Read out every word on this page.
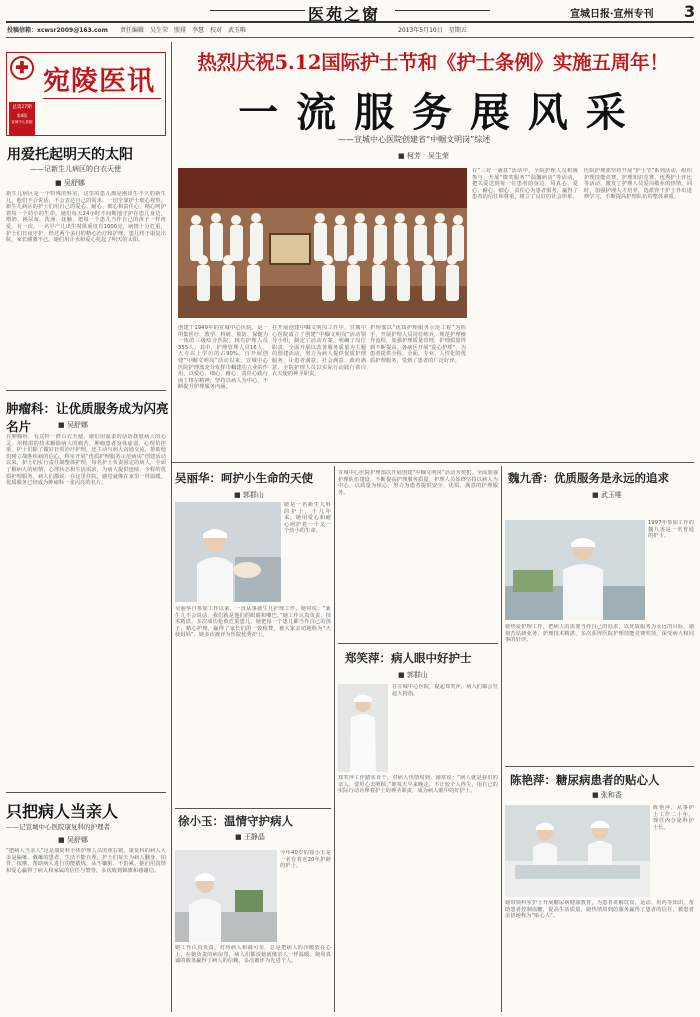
医苑之窗	3
宣城日报·宣州专刊
投稿信箱：xcwsr2009@163.com 责任编辑　吴生荣　照排　李慧　校对　武玉唯	2013年5月10日　星期五
✚
总第27期
第4版
宣城中心医院
宛陵医讯
用爱托起明天的太阳
——记新生儿病区的白衣天使
■ 吴舒娜
新生儿病区是一个特殊的科室，这里的患儿都是刚出生不久的新生儿，他们不会说话，不会表达自己的需求，一切全靠护士细心观察。新生儿病区的护士们用自己的爱心、耐心、细心和责任心，精心呵护着每一个幼小的生命。她们每天24小时不间断地守护在患儿身边，喂奶、换尿布、洗澡、抚触，把每一个患儿当作自己的孩子一样疼爱。有一次，一名早产儿出生时体重仅有1000克，病情十分危重，护士们日夜守护，经过两个多月的精心治疗和护理，患儿终于康复出院，家长感激不已。她们用汗水和爱心托起了明天的太阳。
肿瘤科：让优质服务成为闪亮名片	■ 吴舒娜
在肿瘤科，有这样一群白衣天使，她们用温柔的话语抚慰病人的心灵，用精湛的技术解除病人的痛苦。肿瘤患者身体虚弱，心理负担重，护士们除了做好日常治疗护理，还主动与病人沟通交流，帮助他们树立战胜疾病的信心。科室开展“优质护理服务示范病房”创建活动以来，护士们实行责任制整体护理，每名护士负责固定的病人，全面了解病人的病情、心理状态和生活需求，为病人提供连续、全程的优质护理服务。病人们都说：在这里住院，感觉就像在家里一样温暖。优质服务已经成为肿瘤科一张闪亮的名片。
只把病人当亲人
——记宣城中心医院康复科的护理者
■ 吴舒娜
“把病人当亲人”这是康复科全体护理人员的座右铭。康复科的病人大多是偏瘫、截瘫的患者，生活不能自理，护士们每天为病人翻身、拍背、按摩，帮助病人进行功能锻炼，从不嫌脏、不怕累。她们用真情和爱心赢得了病人和家属的信任与赞誉，多次收到锦旗和感谢信。
热烈庆祝5.12国际护士节和《护士条例》实施五周年！
一 流 服 务 展 风 采
——宣城中心医院创建省“中帼文明岗”综述
■ 柯芳　吴生荣
创建于1949年的宣城中心医院，是一所集医疗、教学、科研、预防、保健为一体的三级综合医院。现有护理人员355人，其中，护理管理人员16人，大专以上学历的占90%。自开展创建“中帼文明岗”活动以来，宣城中心医院护理部充分发挥巾帼建功立业的作用，以爱心、细心、耐心、责任心践行南丁格尔精神，坚持以病人为中心，不断提升护理服务内涵。
在开展创建中帼文明岗工作中，宣城中心医院成立了创建“中帼文明岗”活动领导小组，制定了活动方案，明确了岗位职责，全面开展以改善服务质量为主题的创建活动，努力为病人提供优质护理服务，让患者满意、社会满意、政府满意。全院护理人员以实际行动践行着白衣天使的神圣职责。
护理部以“优质护理服务示范工程”为抓手，开展护理人员岗位练兵，规范护理操作流程，加强护理质量管理，护理质量得到不断提高。各病区开展“爱心护理”，为患者提供全程、全面、专业、人性化的优质护理服务，受到了患者的广泛好评。
在“三好一满意”活动中，全院护理人员积极参与，开展“微笑服务”“温馨病房”等活动，把关爱送到每一位患者的身边，用真心、爱心、耐心、细心、责任心为患者服务，赢得了患者的信任和尊重，树立了良好的社会形象。
医院护理部坚持开展“护士节”系列活动，组织护理技能竞赛、护理知识竞赛、优秀护士评比等活动，激发了护理人员爱岗敬业的热情。同时，加强护理人才培养，选派骨干护士外出进修学习，不断提高护理队伍的整体素质。
吴丽华：呵护小生命的天使
■ 郭群山
她是一名新生儿科的护士，十几年来，她用爱心和耐心呵护着一个又一个幼小的生命。
吴丽华自参加工作以来，一直从事新生儿护理工作。她常说：“新生儿不会说话，我们就是他们的眼睛和嘴巴。”她工作认真负责，技术精湛，多次成功抢救危重患儿。她把每一个患儿都当作自己的孩子，精心护理，赢得了家长们的一致称赞，被大家亲切地称为“天使妈妈”。她多次被评为医院优秀护士。
徐小玉：温情守护病人
■ 王静晶
今年40岁的徐小玉是一名有着近20年护龄的护士。
她工作认真负责，对待病人和蔼可亲，总是把病人的冷暖放在心上。在她负责的病房里，病人们都说她就像亲人一样温暖。她用真诚的服务赢得了病人的信赖，多次被评为先进个人。
宣城中心医院护理部以开展创建“中帼文明岗”活动为契机，全面加强护理队伍建设，不断提高护理服务质量。护理人员始终坚持以病人为中心，以质量为核心，努力为患者提供安全、优质、满意的护理服务。
郑笑萍：病人眼中好护士
■ 郭群山
在宣城中心医院，提起郑笑萍，病人们都会竖起大拇指。
郑笑萍工作踏实肯干，对病人热情周到。她常说：“病人就是我们的亲人，要用心去照顾。”她每天早来晚走，不计较个人得失，用自己的实际行动诠释着护士的神圣职责，成为病人眼中的好护士。
魏九香：优质服务是永远的追求
■ 武玉唯
1997年参加工作的魏九香是一名普通的护士。
她热爱护理工作，把病人的需要当作自己的追求，以优质服务为永远的目标。她刻苦钻研业务，护理技术精湛，多次获得医院护理技能竞赛奖项，深受病人和同事的好评。
陈艳萍：糖尿病患者的贴心人
■ 张和香
陈艳萍，从事护士工作二十年，现任内分泌科护士长。
她带领科室护士开展糖尿病健康教育，为患者讲解饮食、运动、用药等知识，帮助患者控制血糖，提高生活质量。她热情周到的服务赢得了患者的信任，被患者亲切地称为“贴心人”。
